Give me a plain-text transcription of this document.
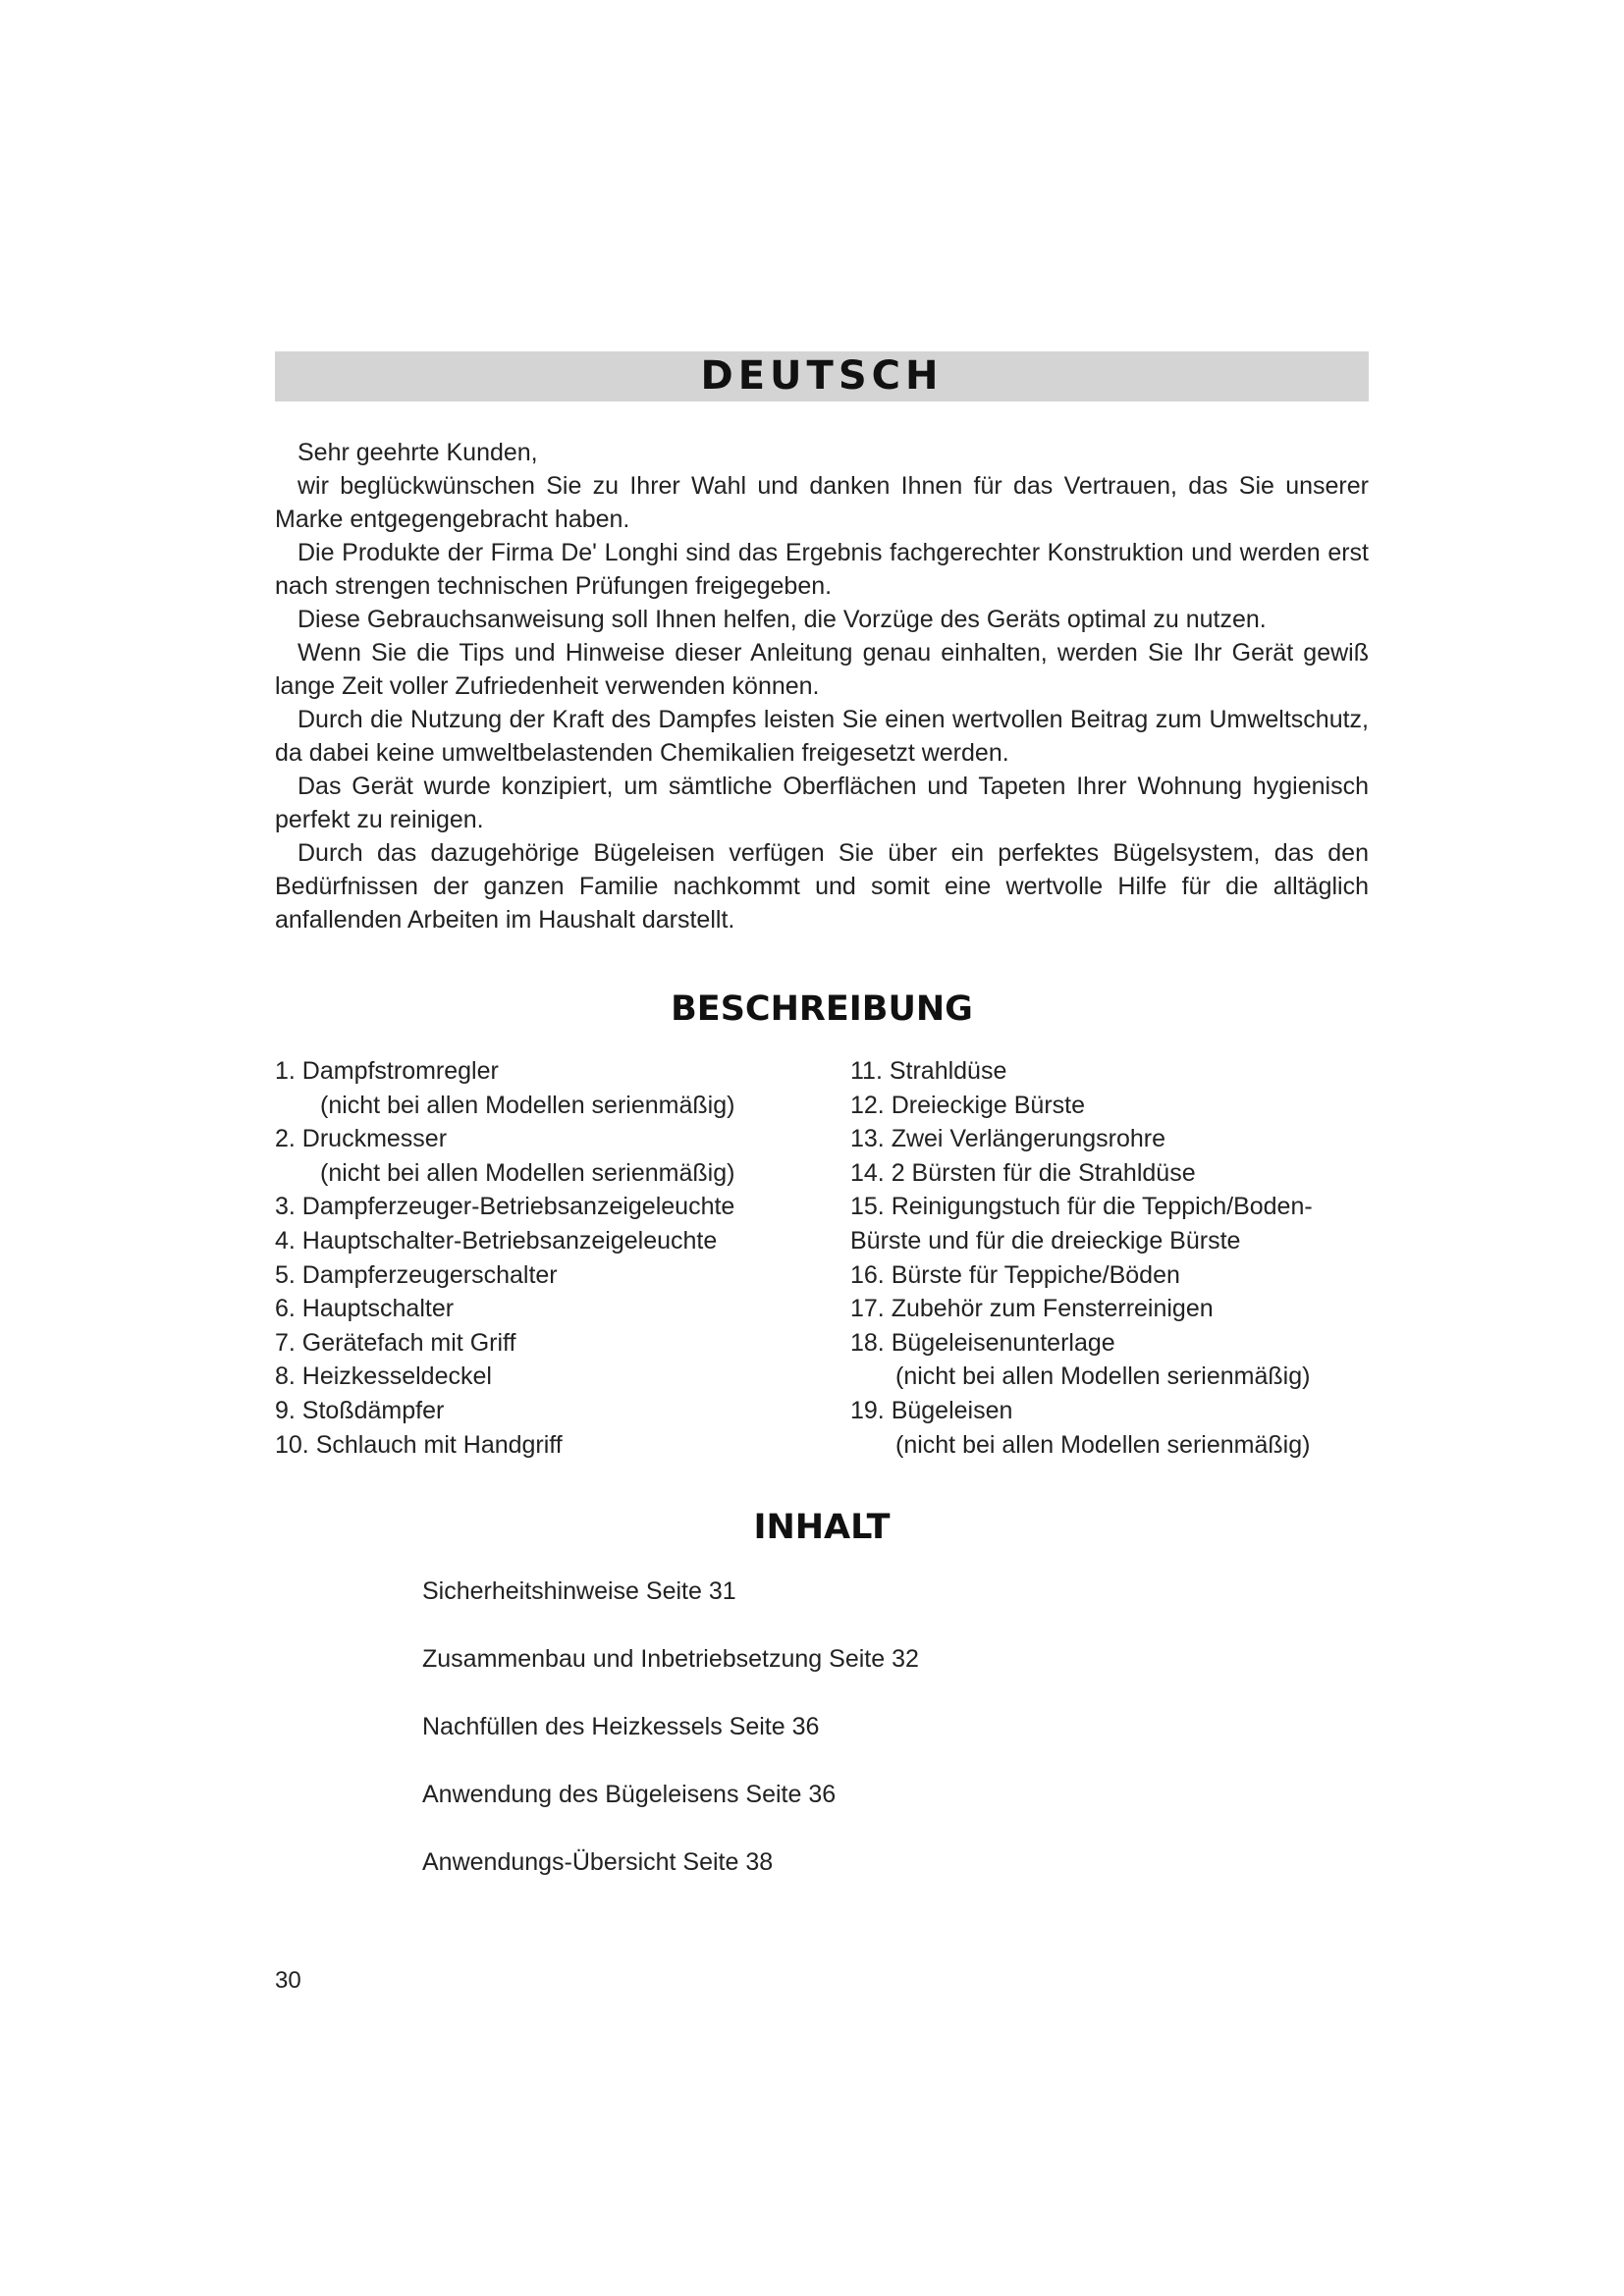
DEUTSCH

Sehr geehrte Kunden,

wir beglückwünschen Sie zu Ihrer Wahl und danken Ihnen für das Vertrauen, das Sie unserer Marke entgegengebracht haben.

Die Produkte der Firma De' Longhi sind das Ergebnis fachgerechter Konstruktion und werden erst nach strengen technischen Prüfungen freigegeben.

Diese Gebrauchsanweisung soll Ihnen helfen, die Vorzüge des Geräts optimal zu nutzen.

Wenn Sie die Tips und Hinweise dieser Anleitung genau einhalten, werden Sie Ihr Gerät gewiß lange Zeit voller Zufriedenheit verwenden können.

Durch die Nutzung der Kraft des Dampfes leisten Sie einen wertvollen Beitrag zum Umweltschutz, da dabei keine umweltbelastenden Chemikalien freigesetzt werden.

Das Gerät wurde konzipiert, um sämtliche Oberflächen und Tapeten Ihrer Wohnung hygienisch perfekt zu reinigen.

Durch das dazugehörige Bügeleisen verfügen Sie über ein perfektes Bügelsystem, das den Bedürfnissen der ganzen Familie nachkommt und somit eine wertvolle Hilfe für die alltäglich anfallenden Arbeiten im Haushalt darstellt.

BESCHREIBUNG
1. Dampfstromregler
(nicht bei allen Modellen serienmäßig)
2. Druckmesser
(nicht bei allen Modellen serienmäßig)
3. Dampferzeuger-Betriebsanzeigeleuchte
4. Hauptschalter-Betriebsanzeigeleuchte
5. Dampferzeugerschalter
6. Hauptschalter
7. Gerätefach mit Griff
8. Heizkesseldeckel
9. Stoßdämpfer
10. Schlauch mit Handgriff
11. Strahldüse
12. Dreieckige Bürste
13. Zwei Verlängerungsrohre
14. 2 Bürsten für die Strahldüse
15. Reinigungstuch für die Teppich/Boden-
Bürste und für die dreieckige Bürste
16. Bürste für Teppiche/Böden
17. Zubehör zum Fensterreinigen
18. Bügeleisenunterlage
(nicht bei allen Modellen serienmäßig)
19. Bügeleisen
(nicht bei allen Modellen serienmäßig)
INHALT
Sicherheitshinweise Seite 31
Zusammenbau und Inbetriebsetzung Seite 32
Nachfüllen des Heizkessels Seite 36
Anwendung des Bügeleisens Seite 36
Anwendungs-Übersicht Seite 38
30
